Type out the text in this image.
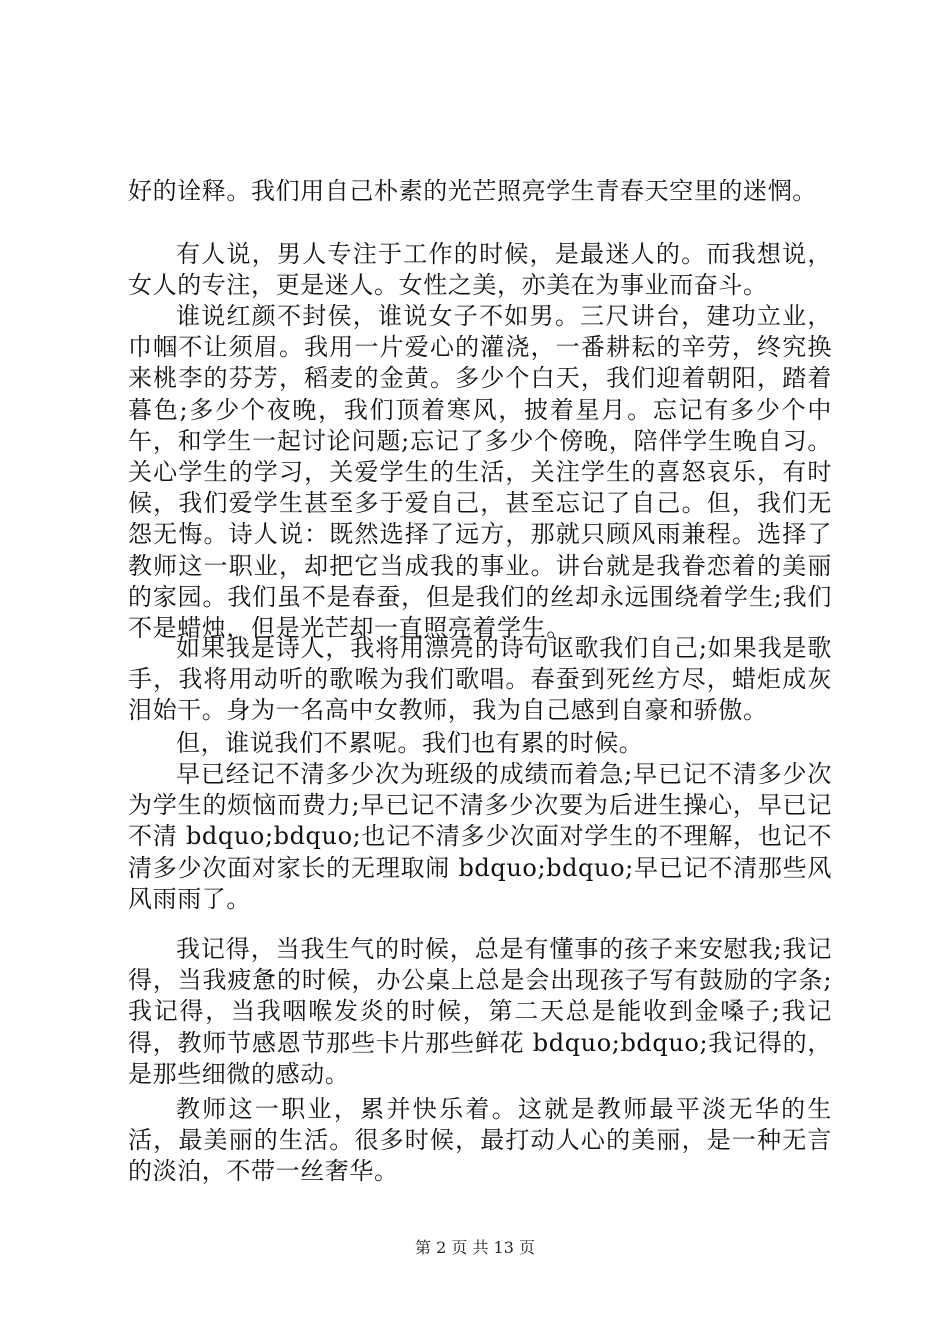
好的诠释。我们用自己朴素的光芒照亮学生青春天空里的迷惘。

有人说，男人专注于工作的时候，是最迷人的。而我想说，女人的专注，更是迷人。女性之美，亦美在为事业而奋斗。

谁说红颜不封侯，谁说女子不如男。三尺讲台，建功立业，巾帼不让须眉。我用一片爱心的灌浇，一番耕耘的辛劳，终究换来桃李的芬芳，稻麦的金黄。多少个白天，我们迎着朝阳，踏着暮色;多少个夜晚，我们顶着寒风，披着星月。忘记有多少个中午，和学生一起讨论问题;忘记了多少个傍晚，陪伴学生晚自习。关心学生的学习，关爱学生的生活，关注学生的喜怒哀乐，有时候，我们爱学生甚至多于爱自己，甚至忘记了自己。但，我们无怨无悔。诗人说：既然选择了远方，那就只顾风雨兼程。选择了教师这一职业，却把它当成我的事业。讲台就是我眷恋着的美丽的家园。我们虽不是春蚕，但是我们的丝却永远围绕着学生;我们不是蜡烛，但是光芒却一直照亮着学生。

如果我是诗人，我将用漂亮的诗句讴歌我们自己;如果我是歌手，我将用动听的歌喉为我们歌唱。春蚕到死丝方尽，蜡炬成灰泪始干。身为一名高中女教师，我为自己感到自豪和骄傲。

但，谁说我们不累呢。我们也有累的时候。

早已经记不清多少次为班级的成绩而着急;早已记不清多少次为学生的烦恼而费力;早已记不清多少次要为后进生操心，早已记不清 bdquo;bdquo;也记不清多少次面对学生的不理解，也记不清多少次面对家长的无理取闹 bdquo;bdquo;早已记不清那些风风雨雨了。

我记得，当我生气的时候，总是有懂事的孩子来安慰我;我记得，当我疲惫的时候，办公桌上总是会出现孩子写有鼓励的字条;我记得，当我咽喉发炎的时候，第二天总是能收到金嗓子;我记得，教师节感恩节那些卡片那些鲜花 bdquo;bdquo;我记得的，是那些细微的感动。

教师这一职业，累并快乐着。这就是教师最平淡无华的生活，最美丽的生活。很多时候，最打动人心的美丽，是一种无言的淡泊，不带一丝奢华。

第 2 页 共 13 页
